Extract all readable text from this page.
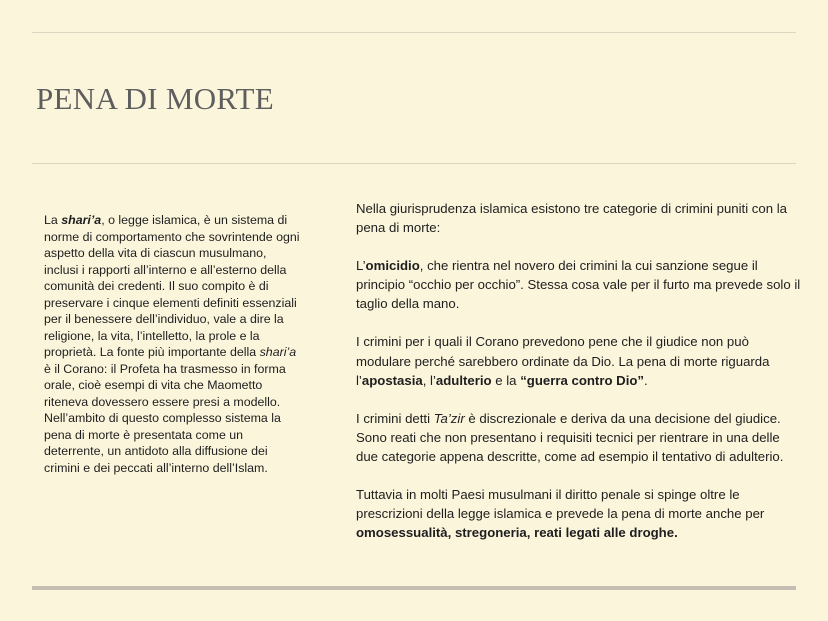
PENA DI MORTE

La shari’a, o legge islamica, è un sistema di norme di comportamento che sovrintende ogni aspetto della vita di ciascun musulmano, inclusi i rapporti all’interno e all’esterno della comunità dei credenti. Il suo compito è di preservare i cinque elementi definiti essenziali per il benessere dell’individuo, vale a dire la religione, la vita, l’intelletto, la prole e la proprietà. La fonte più importante della shari’a è il Corano: il Profeta ha trasmesso in forma orale, cioè esempi di vita che Maometto riteneva dovessero essere presi a modello. Nell’ambito di questo complesso sistema la pena di morte è presentata come un deterrente, un antidoto alla diffusione dei crimini e dei peccati all’interno dell’Islam.

Nella giurisprudenza islamica esistono tre categorie di crimini puniti con la pena di morte:

L’omicidio, che rientra nel novero dei crimini la cui sanzione segue il principio “occhio per occhio”. Stessa cosa vale per il furto ma prevede solo il taglio della mano.

I crimini per i quali il Corano prevedono pene che il giudice non può modulare perché sarebbero ordinate da Dio. La pena di morte riguarda l’apostasia, l’adulterio e la “guerra contro Dio”.

I crimini detti Ta’zir è discrezionale e deriva da una decisione del giudice. Sono reati che non presentano i requisiti tecnici per rientrare in una delle due categorie appena descritte, come ad esempio il tentativo di adulterio.

Tuttavia in molti Paesi musulmani il diritto penale si spinge oltre le prescrizioni della legge islamica e prevede la pena di morte anche per omosessualità, stregoneria, reati legati alle droghe.
